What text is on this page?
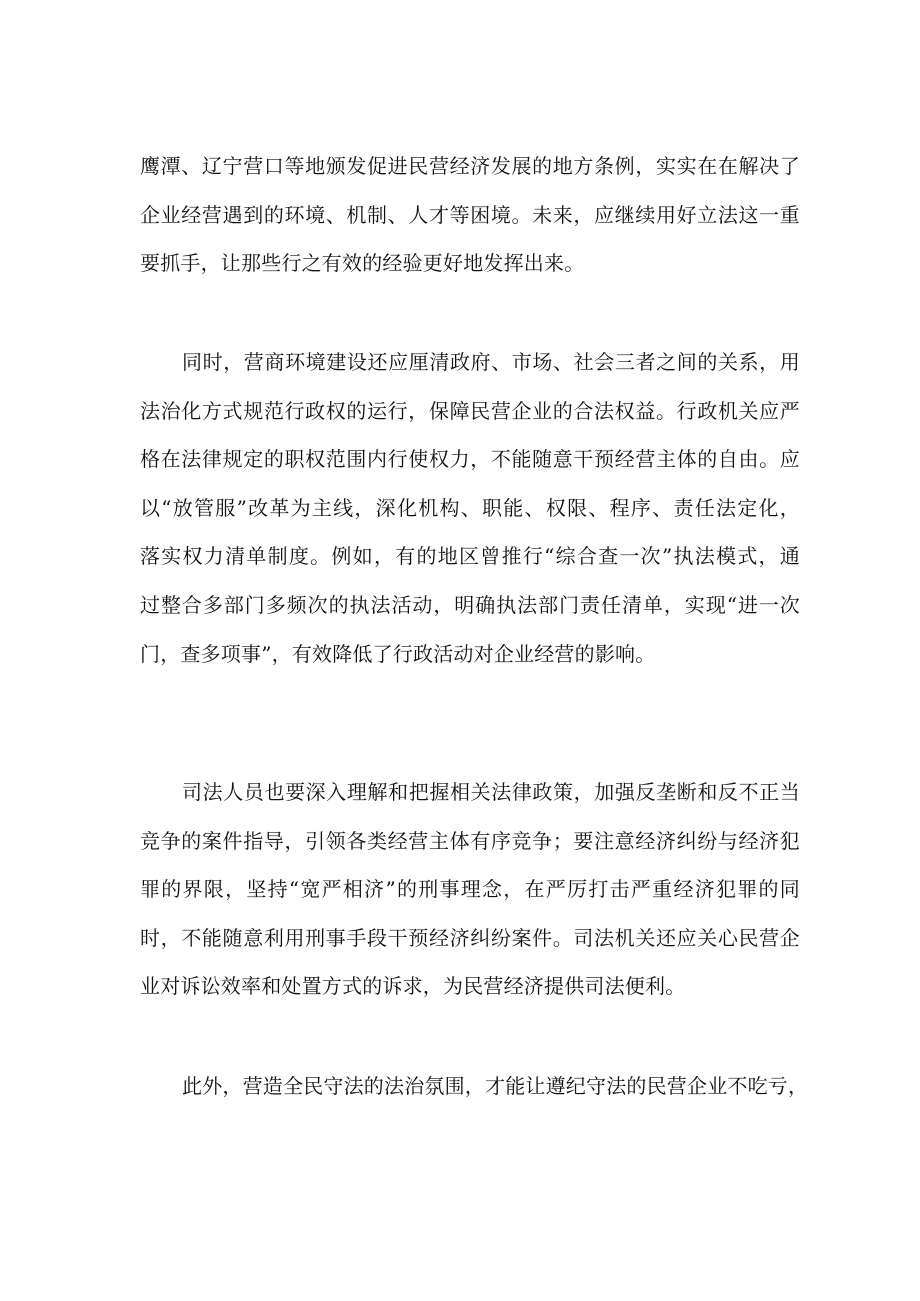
鹰潭、辽宁营口等地颁发促进民营经济发展的地方条例，实实在在解决了
企业经营遇到的环境、机制、人才等困境。未来，应继续用好立法这一重
要抓手，让那些行之有效的经验更好地发挥出来。
同时，营商环境建设还应厘清政府、市场、社会三者之间的关系，用
法治化方式规范行政权的运行，保障民营企业的合法权益。行政机关应严
格在法律规定的职权范围内行使权力，不能随意干预经营主体的自由。应
以“放管服”改革为主线，深化机构、职能、权限、程序、责任法定化，
落实权力清单制度。例如，有的地区曾推行“综合查一次”执法模式，通
过整合多部门多频次的执法活动，明确执法部门责任清单，实现“进一次
门，查多项事”，有效降低了行政活动对企业经营的影响。
司法人员也要深入理解和把握相关法律政策，加强反垄断和反不正当
竞争的案件指导，引领各类经营主体有序竞争；要注意经济纠纷与经济犯
罪的界限，坚持“宽严相济”的刑事理念，在严厉打击严重经济犯罪的同
时，不能随意利用刑事手段干预经济纠纷案件。司法机关还应关心民营企
业对诉讼效率和处置方式的诉求，为民营经济提供司法便利。
此外，营造全民守法的法治氛围，才能让遵纪守法的民营企业不吃亏，
